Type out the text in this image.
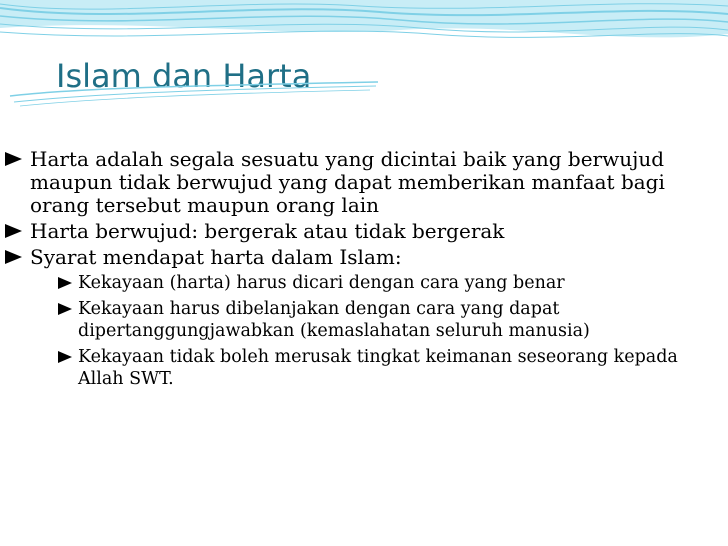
Islam dan Harta
Harta adalah segala sesuatu yang dicintai baik yang berwujud maupun tidak berwujud yang dapat memberikan manfaat bagi orang tersebut maupun orang lain
Harta berwujud: bergerak atau tidak bergerak
Syarat mendapat harta dalam Islam:
Kekayaan (harta) harus dicari dengan cara yang benar
Kekayaan harus dibelanjakan dengan cara yang dapat dipertanggungjawabkan (kemaslahatan seluruh manusia)
Kekayaan tidak boleh merusak tingkat keimanan seseorang kepada Allah SWT.
